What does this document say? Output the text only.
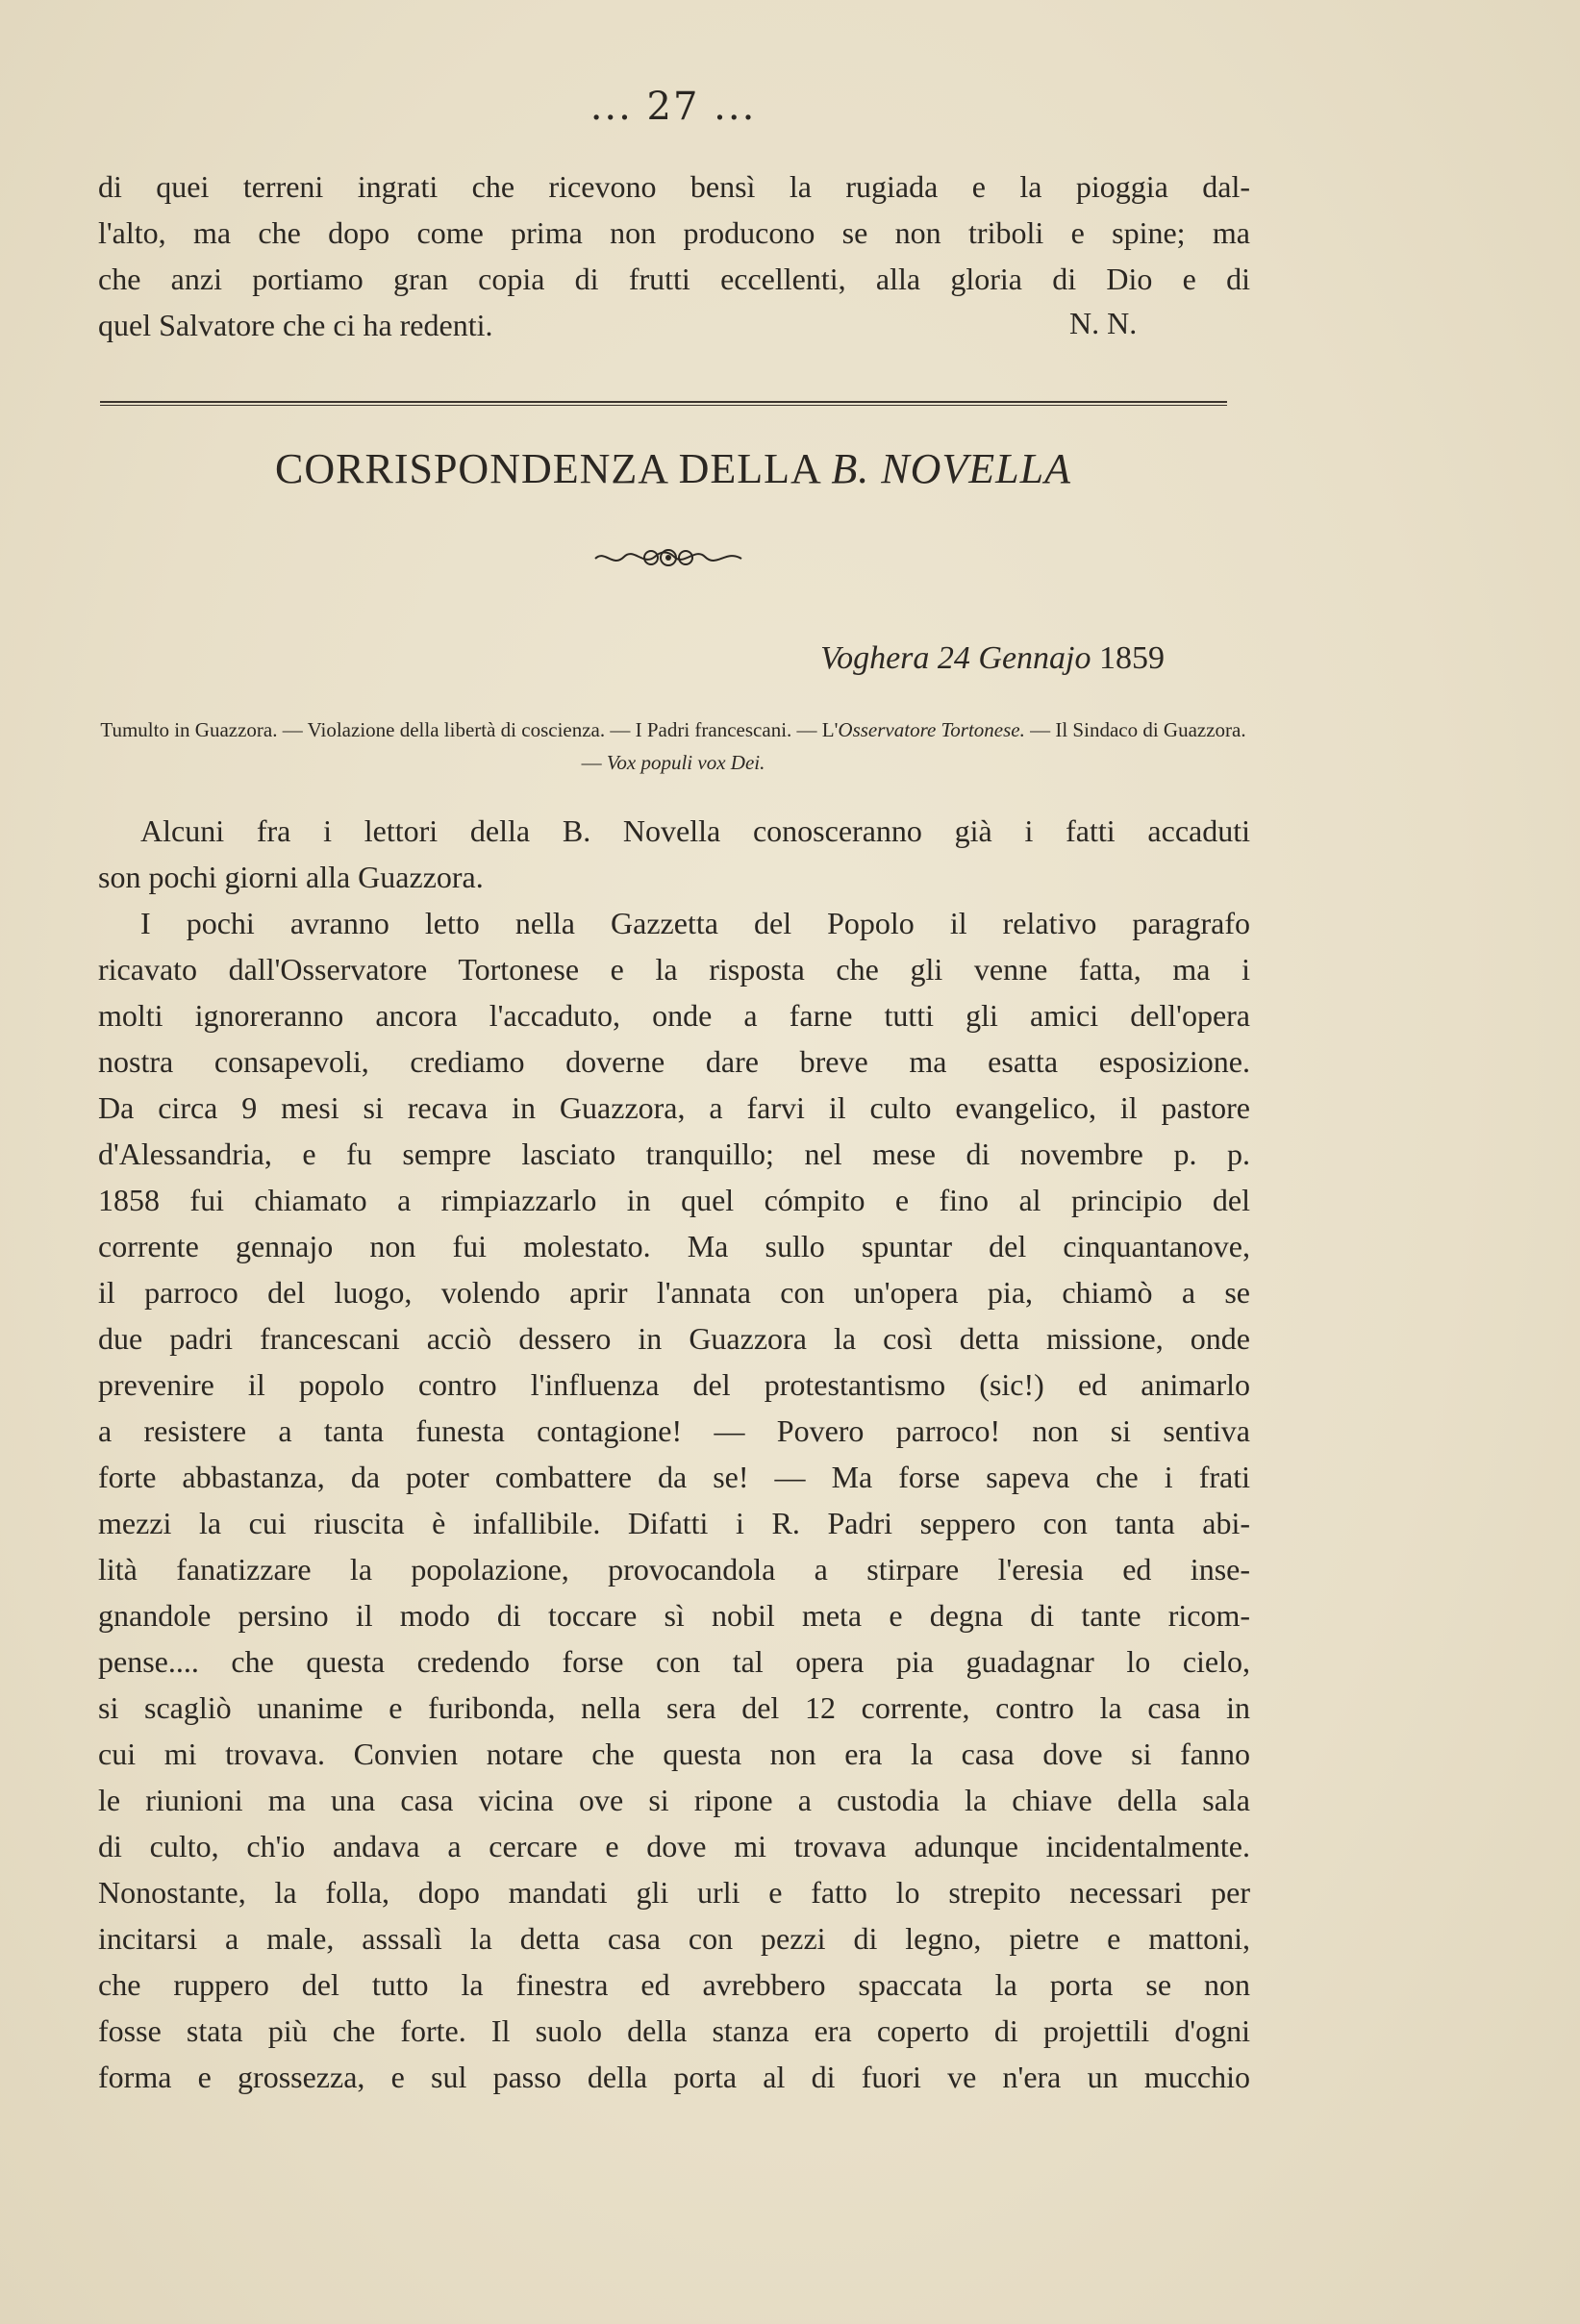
... 27 ...
di quei terreni ingrati che ricevono bensì la rugiada e la pioggia dal-
l'alto, ma che dopo come prima non producono se non triboli e spine; ma
che anzi portiamo gran copia di frutti eccellenti, alla gloria di Dio e di
quel Salvatore che ci ha redenti.	N. N.
CORRISPONDENZA DELLA B. NOVELLA
Voghera 24 Gennajo 1859
Tumulto in Guazzora. — Violazione della libertà di coscienza. — I Padri francescani. — L'Osservatore Tortonese. — Il Sindaco di Guazzora. — Vox populi vox Dei.
Alcuni fra i lettori della B. Novella conosceranno già i fatti accaduti
son pochi giorni alla Guazzora.
I pochi avranno letto nella Gazzetta del Popolo il relativo paragrafo
ricavato dall'Osservatore Tortonese e la risposta che gli venne fatta, ma i
molti ignoreranno ancora l'accaduto, onde a farne tutti gli amici dell'opera
nostra consapevoli, crediamo doverne dare breve ma esatta esposizione.
Da circa 9 mesi si recava in Guazzora, a farvi il culto evangelico, il pastore
d'Alessandria, e fu sempre lasciato tranquillo; nel mese di novembre p. p.
1858 fui chiamato a rimpiazzarlo in quel cómpito e fino al principio del
corrente gennajo non fui molestato. Ma sullo spuntar del cinquantanove,
il parroco del luogo, volendo aprir l'annata con un'opera pia, chiamò a se
due padri francescani acciò dessero in Guazzora la così detta missione, onde
prevenire il popolo contro l'influenza del protestantismo (sic!) ed animarlo
a resistere a tanta funesta contagione! — Povero parroco! non si sentiva
forte abbastanza, da poter combattere da se! — Ma forse sapeva che i frati
mezzi la cui riuscita è infallibile. Difatti i R. Padri seppero con tanta abi-
lità fanatizzare la popolazione, provocandola a stirpare l'eresia ed inse-
gnandole persino il modo di toccare sì nobil meta e degna di tante ricom-
pense.... che questa credendo forse con tal opera pia guadagnar lo cielo,
si scagliò unanime e furibonda, nella sera del 12 corrente, contro la casa in
cui mi trovava. Convien notare che questa non era la casa dove si fanno
le riunioni ma una casa vicina ove si ripone a custodia la chiave della sala
di culto, ch'io andava a cercare e dove mi trovava adunque incidentalmente.
Nonostante, la folla, dopo mandati gli urli e fatto lo strepito necessari per
incitarsi a male, asssalì la detta casa con pezzi di legno, pietre e mattoni,
che ruppero del tutto la finestra ed avrebbero spaccata la porta se non
fosse stata più che forte. Il suolo della stanza era coperto di projettili d'ogni
forma e grossezza, e sul passo della porta al di fuori ve n'era un mucchio
